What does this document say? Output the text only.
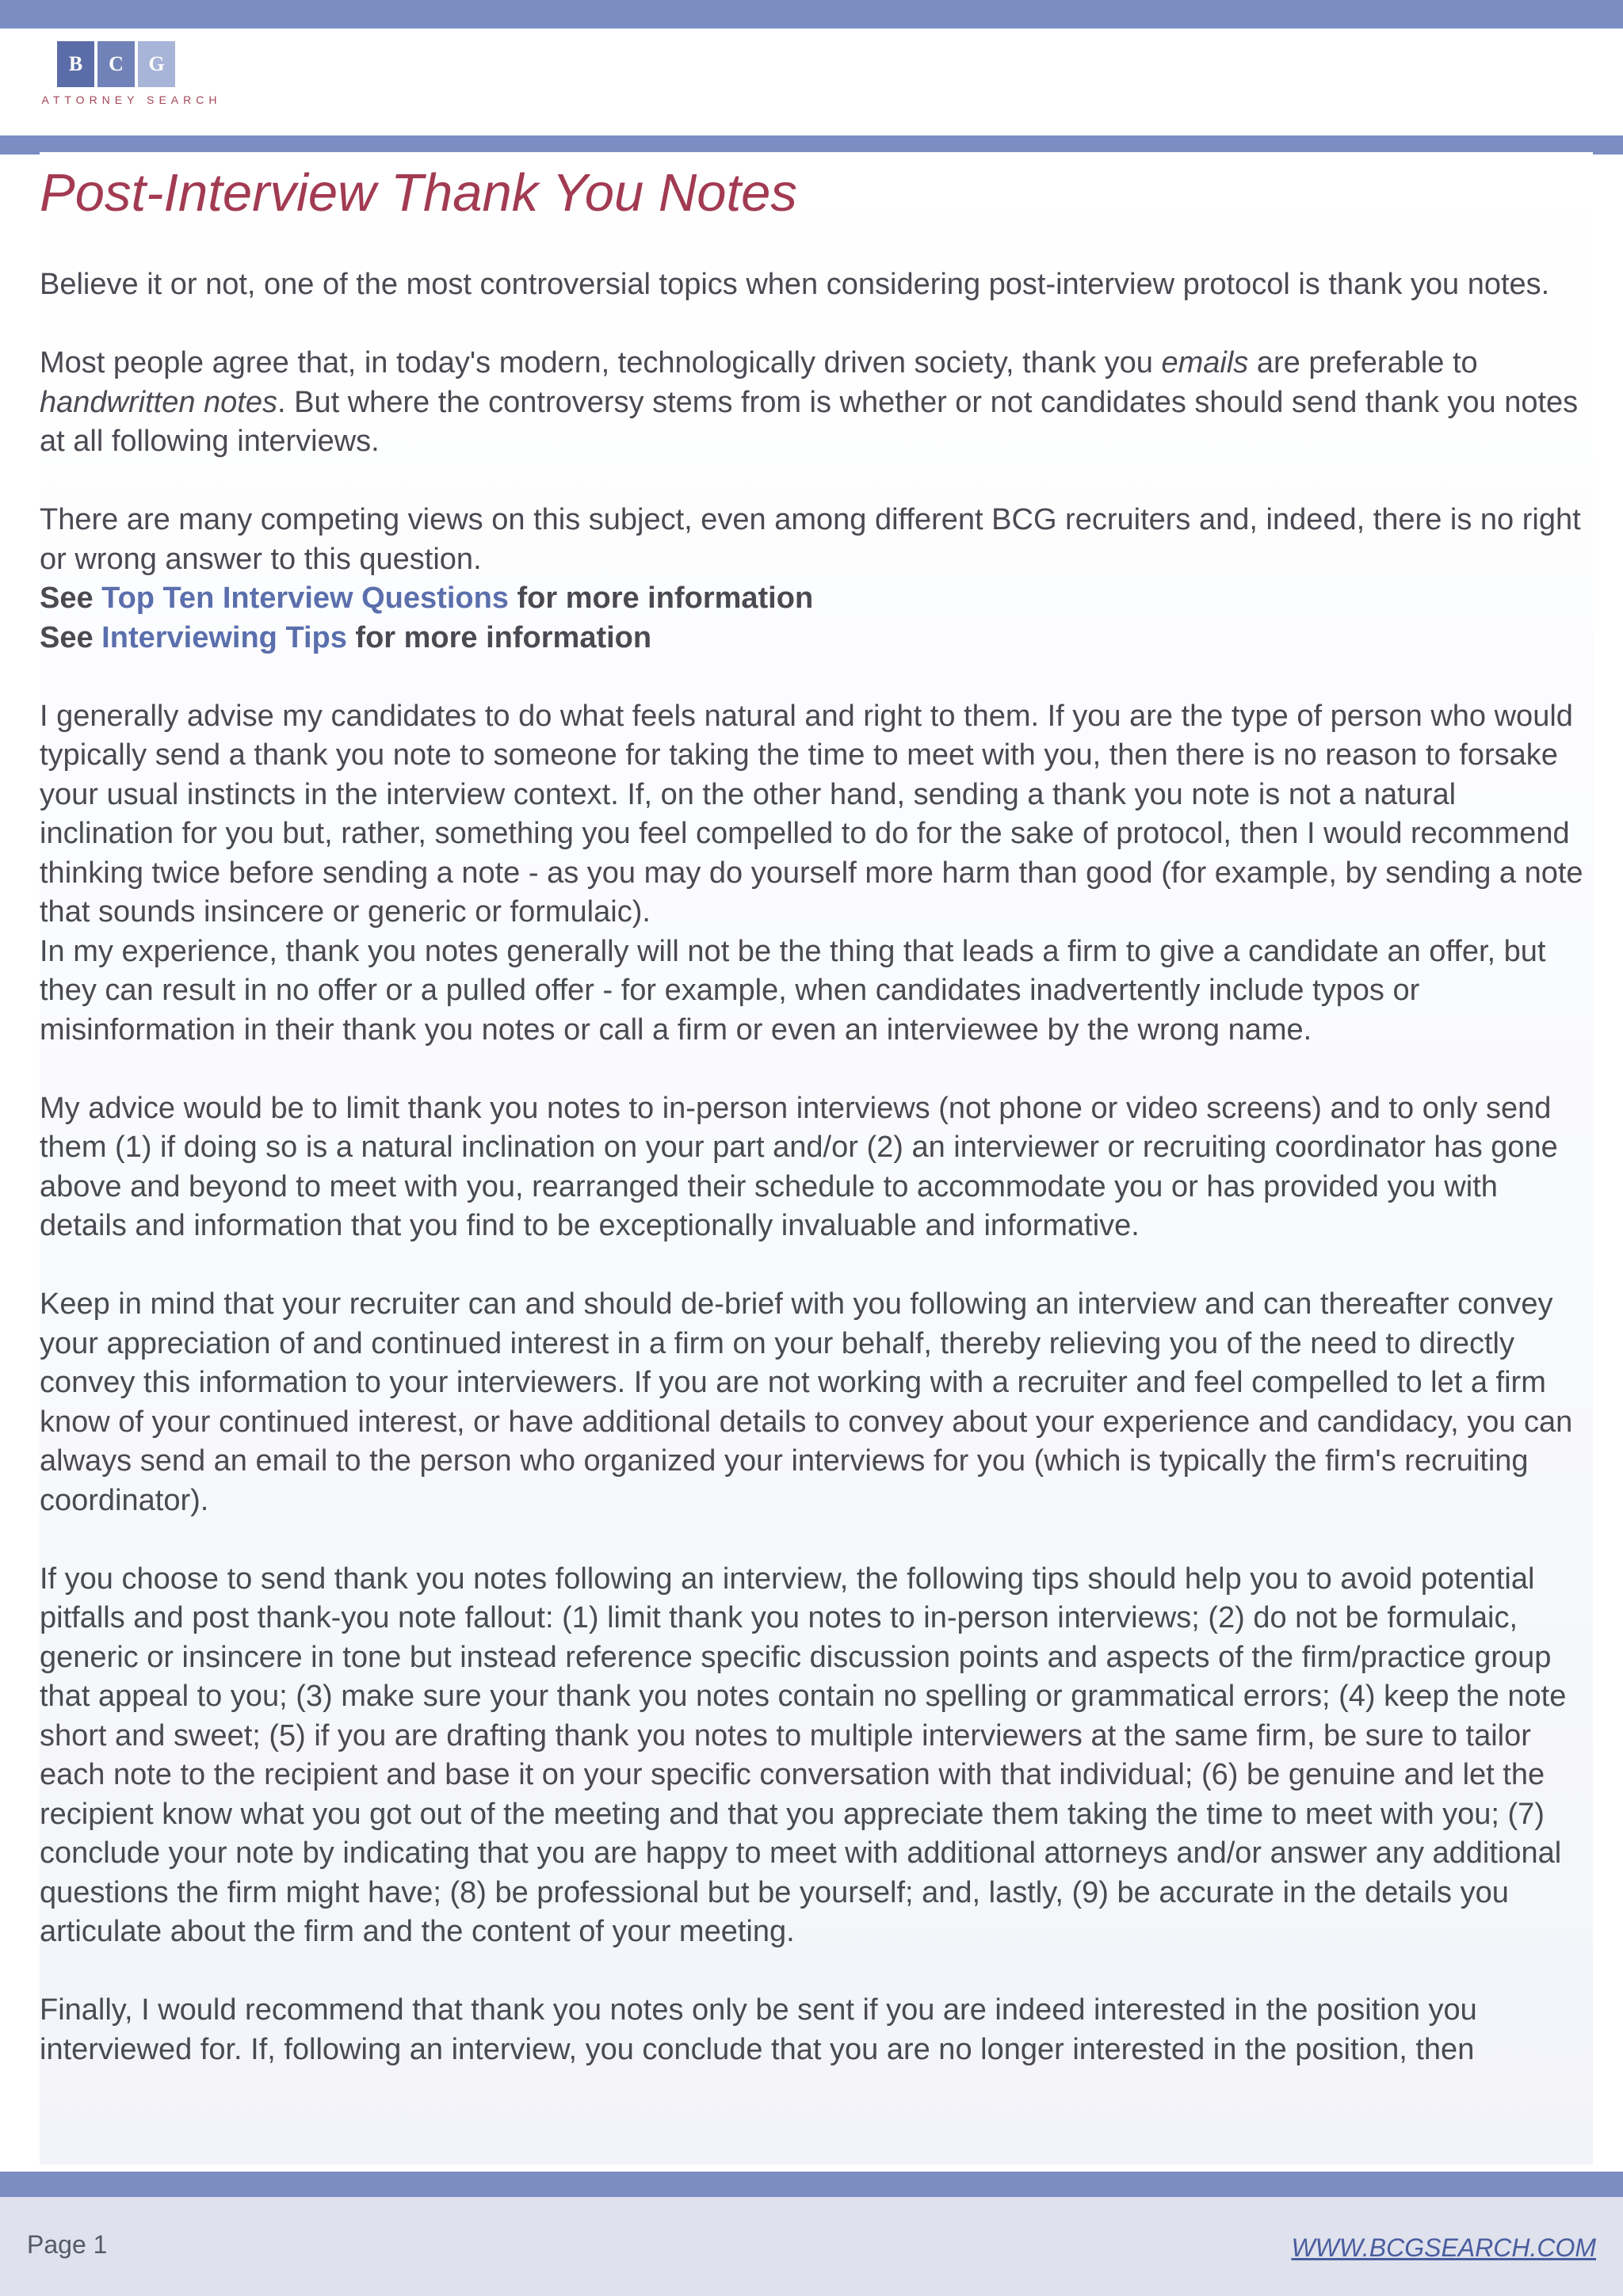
B	C	G
ATTORNEY SEARCH
Post-Interview Thank You Notes

Believe it or not, one of the most controversial topics when considering post-interview protocol is thank you notes.

Most people agree that, in today's modern, technologically driven society, thank you emails are preferable to handwritten notes. But where the controversy stems from is whether or not candidates should send thank you notes at all following interviews.

There are many competing views on this subject, even among different BCG recruiters and, indeed, there is no right or wrong answer to this question.

See Top Ten Interview Questions for more information
See Interviewing Tips for more information

I generally advise my candidates to do what feels natural and right to them. If you are the type of person who would typically send a thank you note to someone for taking the time to meet with you, then there is no reason to forsake your usual instincts in the interview context. If, on the other hand, sending a thank you note is not a natural inclination for you but, rather, something you feel compelled to do for the sake of protocol, then I would recommend thinking twice before sending a note - as you may do yourself more harm than good (for example, by sending a note that sounds insincere or generic or formulaic).

In my experience, thank you notes generally will not be the thing that leads a firm to give a candidate an offer, but they can result in no offer or a pulled offer - for example, when candidates inadvertently include typos or misinformation in their thank you notes or call a firm or even an interviewee by the wrong name.

My advice would be to limit thank you notes to in-person interviews (not phone or video screens) and to only send them (1) if doing so is a natural inclination on your part and/or (2) an interviewer or recruiting coordinator has gone above and beyond to meet with you, rearranged their schedule to accommodate you or has provided you with details and information that you find to be exceptionally invaluable and informative.

Keep in mind that your recruiter can and should de-brief with you following an interview and can thereafter convey your appreciation of and continued interest in a firm on your behalf, thereby relieving you of the need to directly convey this information to your interviewers. If you are not working with a recruiter and feel compelled to let a firm know of your continued interest, or have additional details to convey about your experience and candidacy, you can always send an email to the person who organized your interviews for you (which is typically the firm's recruiting coordinator).

If you choose to send thank you notes following an interview, the following tips should help you to avoid potential pitfalls and post thank-you note fallout: (1) limit thank you notes to in-person interviews; (2) do not be formulaic, generic or insincere in tone but instead reference specific discussion points and aspects of the firm/practice group that appeal to you; (3) make sure your thank you notes contain no spelling or grammatical errors; (4) keep the note short and sweet; (5) if you are drafting thank you notes to multiple interviewers at the same firm, be sure to tailor each note to the recipient and base it on your specific conversation with that individual; (6) be genuine and let the recipient know what you got out of the meeting and that you appreciate them taking the time to meet with you; (7) conclude your note by indicating that you are happy to meet with additional attorneys and/or answer any additional questions the firm might have; (8) be professional but be yourself; and, lastly, (9) be accurate in the details you articulate about the firm and the content of your meeting.

Finally, I would recommend that thank you notes only be sent if you are indeed interested in the position you interviewed for. If, following an interview, you conclude that you are no longer interested in the position, then

Page 1	WWW.BCGSEARCH.COM
